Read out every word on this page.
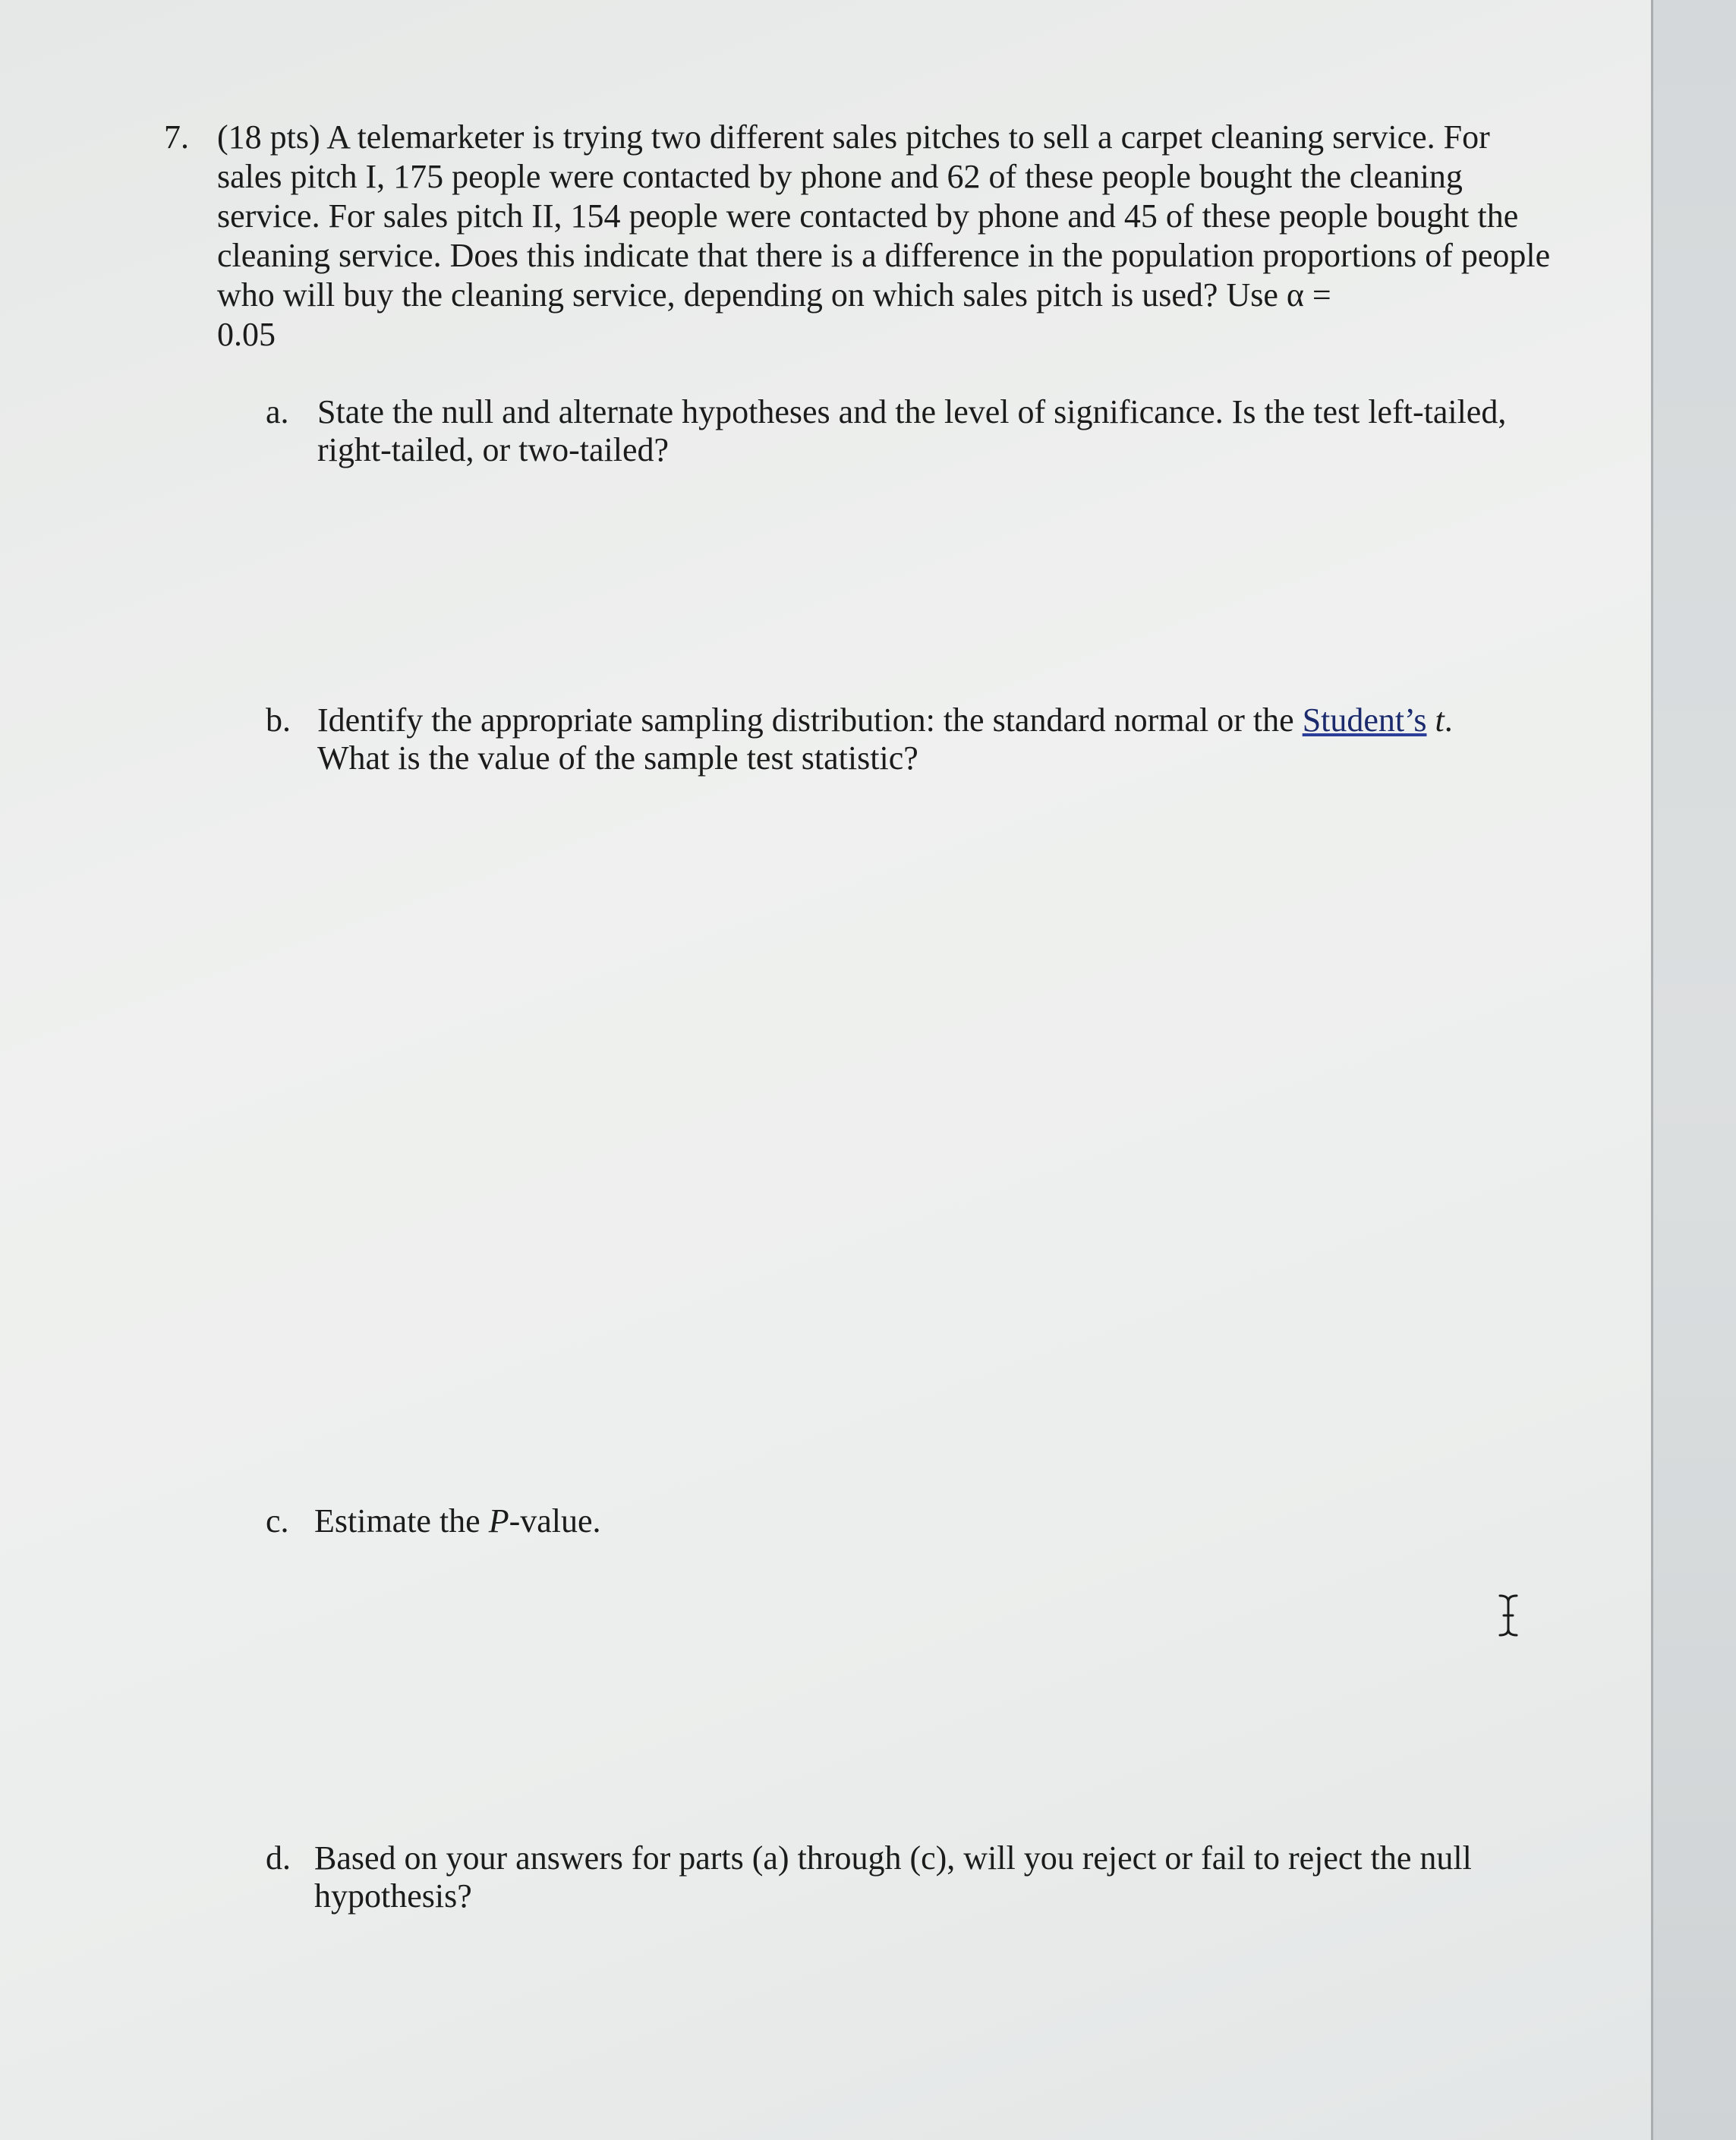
7. (18 pts) A telemarketer is trying two different sales pitches to sell a carpet cleaning service. For sales pitch I, 175 people were contacted by phone and 62 of these people bought the cleaning service. For sales pitch II, 154 people were contacted by phone and 45 of these people bought the cleaning service. Does this indicate that there is a difference in the population proportions of people who will buy the cleaning service, depending on which sales pitch is used? Use α =
0.05
a. State the null and alternate hypotheses and the level of significance. Is the test left-tailed, right-tailed, or two-tailed?
b. Identify the appropriate sampling distribution: the standard normal or the Student’s t.
What is the value of the sample test statistic?
c. Estimate the P-value.
d. Based on your answers for parts (a) through (c), will you reject or fail to reject the null hypothesis?
